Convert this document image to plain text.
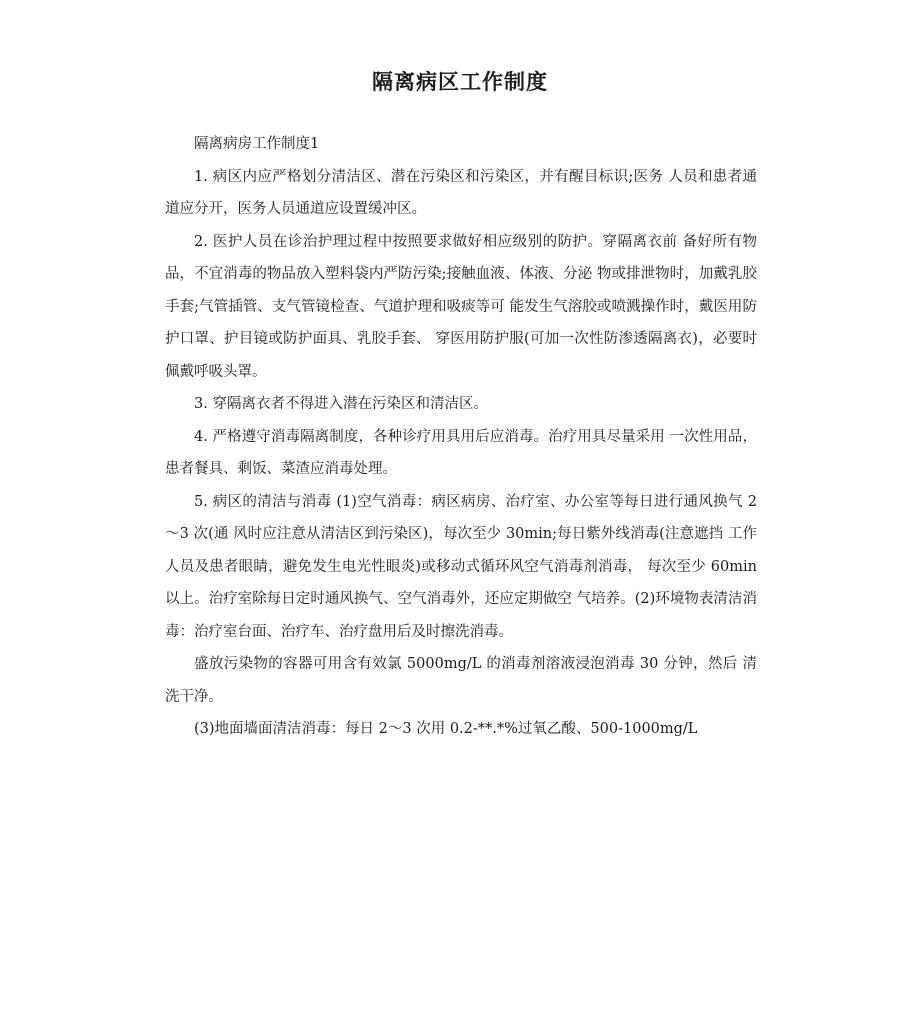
隔离病区工作制度

隔离病房工作制度1

1. 病区内应严格划分清洁区、潜在污染区和污染区，并有醒目标识;医务 人员和患者通道应分开，医务人员通道应设置缓冲区。

2. 医护人员在诊治护理过程中按照要求做好相应级别的防护。穿隔离衣前 备好所有物品，不宜消毒的物品放入塑料袋内严防污染;接触血液、体液、分泌 物或排泄物时，加戴乳胶手套;气管插管、支气管镜检查、气道护理和吸痰等可 能发生气溶胶或喷溅操作时，戴医用防护口罩、护目镜或防护面具、乳胶手套、 穿医用防护服(可加一次性防渗透隔离衣)，必要时佩戴呼吸头罩。

3. 穿隔离衣者不得进入潜在污染区和清洁区。

4. 严格遵守消毒隔离制度，各种诊疗用具用后应消毒。治疗用具尽量采用 一次性用品，患者餐具、剩饭、菜渣应消毒处理。

5. 病区的清洁与消毒 (1)空气消毒：病区病房、治疗室、办公室等每日进行通风换气 2～3 次(通 风时应注意从清洁区到污染区)，每次至少 30min;每日紫外线消毒(注意遮挡 工作人员及患者眼睛，避免发生电光性眼炎)或移动式循环风空气消毒剂消毒， 每次至少 60min 以上。治疗室除每日定时通风换气、空气消毒外，还应定期做空 气培养。(2)环境物表清洁消毒：治疗室台面、治疗车、治疗盘用后及时擦洗消毒。

盛放污染物的容器可用含有效氯 5000mg/L 的消毒剂溶液浸泡消毒 30 分钟，然后 清洗干净。

(3)地面墙面清洁消毒：每日 2～3 次用 0.2-**.*%过氧乙酸、500-1000mg/L
